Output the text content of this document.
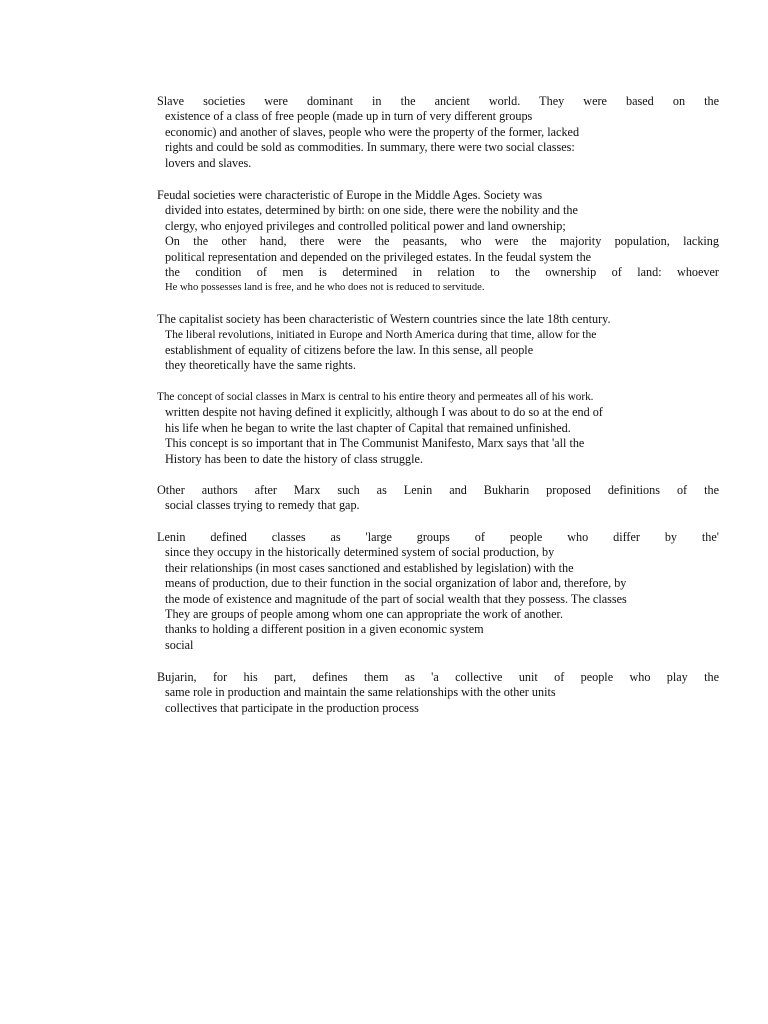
Slave societies were dominant in the ancient world. They were based on the
existence of a class of free people (made up in turn of very different groups
economic) and another of slaves, people who were the property of the former, lacked
rights and could be sold as commodities. In summary, there were two social classes:
lovers and slaves.
Feudal societies were characteristic of Europe in the Middle Ages. Society was
divided into estates, determined by birth: on one side, there were the nobility and the
clergy, who enjoyed privileges and controlled political power and land ownership;
On the other hand, there were the peasants, who were the majority population, lacking
political representation and depended on the privileged estates. In the feudal system the
the condition of men is determined in relation to the ownership of land: whoever
He who possesses land is free, and he who does not is reduced to servitude.
The capitalist society has been characteristic of Western countries since the late 18th century.
The liberal revolutions, initiated in Europe and North America during that time, allow for the
establishment of equality of citizens before the law. In this sense, all people
they theoretically have the same rights.
The concept of social classes in Marx is central to his entire theory and permeates all of his work.
written despite not having defined it explicitly, although I was about to do so at the end of
his life when he began to write the last chapter of Capital that remained unfinished.
This concept is so important that in The Communist Manifesto, Marx says that 'all the
History has been to date the history of class struggle.
Other authors after Marx such as Lenin and Bukharin proposed definitions of the
social classes trying to remedy that gap.
Lenin defined classes as 'large groups of people who differ by the'
since they occupy in the historically determined system of social production, by
their relationships (in most cases sanctioned and established by legislation) with the
means of production, due to their function in the social organization of labor and, therefore, by
the mode of existence and magnitude of the part of social wealth that they possess. The classes
They are groups of people among whom one can appropriate the work of another.
thanks to holding a different position in a given economic system
social
Bujarin, for his part, defines them as 'a collective unit of people who play the
same role in production and maintain the same relationships with the other units
collectives that participate in the production process
